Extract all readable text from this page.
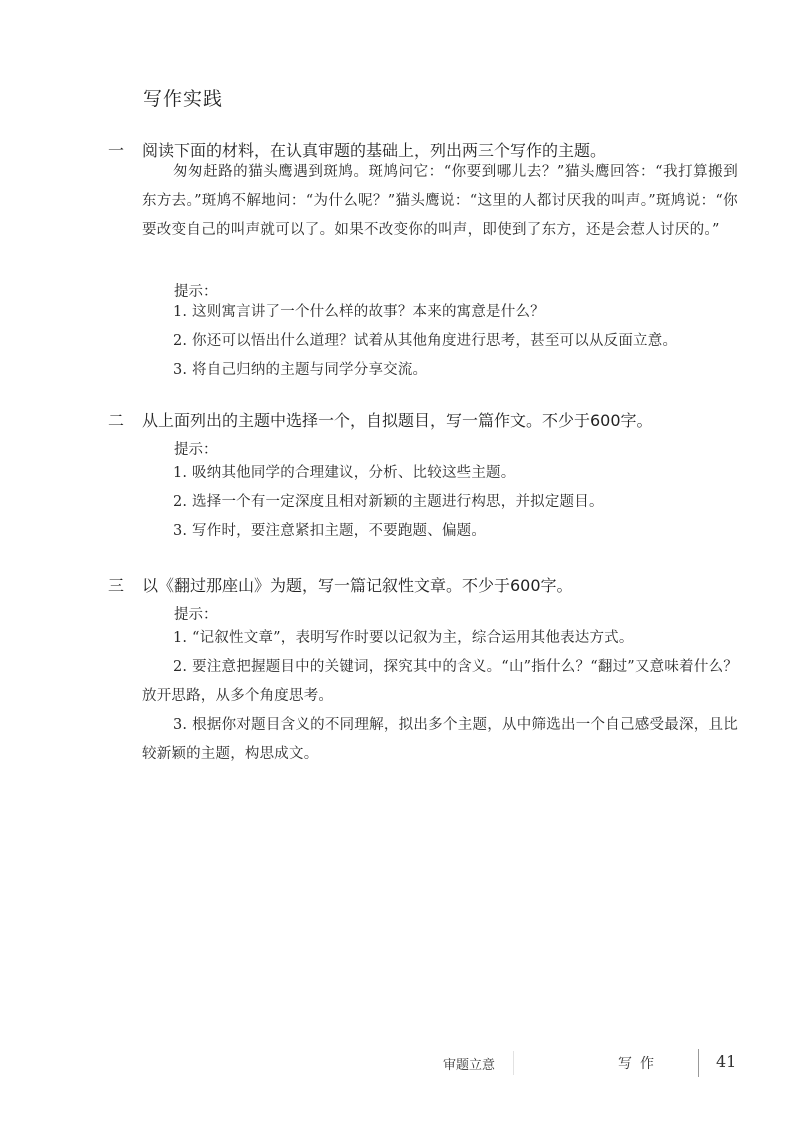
写作实践
一 阅读下面的材料，在认真审题的基础上，列出两三个写作的主题。

匆匆赶路的猫头鹰遇到斑鸠。斑鸠问它：“你要到哪儿去？”猫头鹰回答：“我打算搬到东方去。”斑鸠不解地问：“为什么呢？”猫头鹰说：“这里的人都讨厌我的叫声。”斑鸠说：“你要改变自己的叫声就可以了。如果不改变你的叫声，即使到了东方，还是会惹人讨厌的。”

提示：

1. 这则寓言讲了一个什么样的故事？本来的寓意是什么？
2. 你还可以悟出什么道理？试着从其他角度进行思考，甚至可以从反面立意。
3. 将自己归纳的主题与同学分享交流。
二 从上面列出的主题中选择一个，自拟题目，写一篇作文。不少于600字。

提示：

1. 吸纳其他同学的合理建议，分析、比较这些主题。
2. 选择一个有一定深度且相对新颖的主题进行构思，并拟定题目。
3. 写作时，要注意紧扣主题，不要跑题、偏题。
三 以《翻过那座山》为题，写一篇记叙性文章。不少于600字。

提示：

1. “记叙性文章”，表明写作时要以记叙为主，综合运用其他表达方式。
2. 要注意把握题目中的关键词，探究其中的含义。“山”指什么？“翻过”又意味着什么？放开思路，从多个角度思考。
3. 根据你对题目含义的不同理解，拟出多个主题，从中筛选出一个自己感受最深，且比较新颖的主题，构思成文。
审题立意	写作	41
